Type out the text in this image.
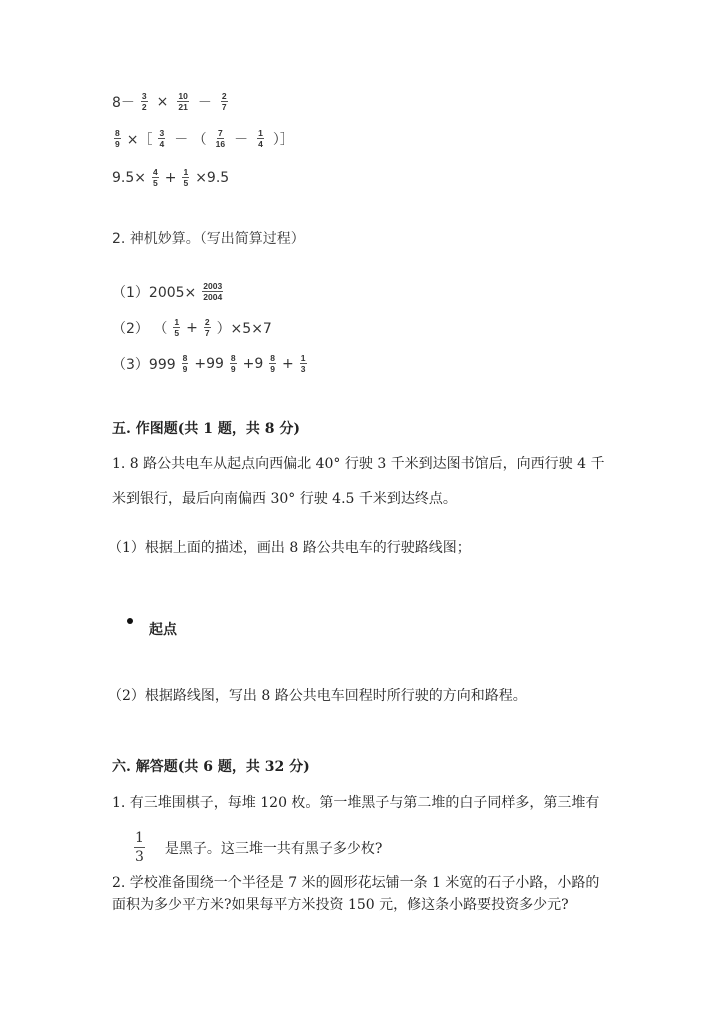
$8- \frac{3}{2} \times \frac{10}{21} - \frac{2}{7}$
$\frac{8}{9}$ ×［ $\frac{3}{4}$ － （ $\frac{7}{16} - \frac{1}{4}$ ）］
$9.5\times \frac{4}{5} + \frac{1}{5} \times 9.5$
2. 神机妙算。（写出简算过程）
$(1)2005\times \frac{2003}{2004}$
（2） （ $\frac{1}{5} + \frac{2}{7} )\times 5\times 7$
$(3)999 \frac{8}{9} +99 \frac{8}{9} +9 \frac{8}{9} + \frac{1}{3}$
五. 作图题(共 1 题，共 8 分)
1. 8 路公共电车从起点向西偏北 40° 行驶 3 千米到达图书馆后，向西行驶 4 千
米到银行，最后向南偏西 30° 行驶 4.5 千米到达终点。
（1）根据上面的描述，画出 8 路公共电车的行驶路线图；
起点
（2）根据路线图，写出 8 路公共电车回程时所行驶的方向和路程。
六. 解答题(共 6 题，共 32 分)
1. 有三堆围棋子，每堆 120 枚。第一堆黑子与第二堆的白子同样多，第三堆有
$\frac{1}{3}$ 是黑子。这三堆一共有黑子多少枚?
2. 学校准备围绕一个半径是 7 米的圆形花坛铺一条 1 米宽的石子小路，小路的
面积为多少平方米?如果每平方米投资 150 元，修这条小路要投资多少元?
